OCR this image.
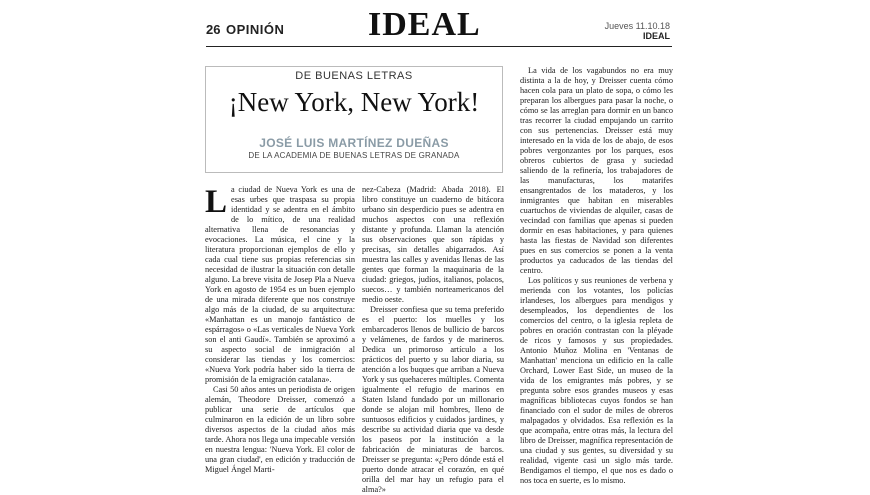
26 OPINIÓN IDEAL	Jueves 11.10.18
IDEAL
DE BUENAS LETRAS
¡New York, New York!
JOSÉ LUIS MARTÍNEZ DUEÑAS
DE LA ACADEMIA DE BUENAS LETRAS DE GRANADA

La ciudad de Nueva York es una de esas urbes que traspasa su propia identidad y se adentra en el ámbito de lo mítico, de una realidad alternativa llena de resonancias y evocaciones. La música, el cine y la literatura proporcionan ejemplos de ello y cada cual tiene sus propias referencias sin necesidad de ilustrar la situación con detalle alguno. La breve visita de Josep Pla a Nueva York en agosto de 1954 es un buen ejemplo de una mirada diferente que nos construye algo más de la ciudad, de su arquitectura: «Manhattan es un manojo fantástico de espárragos» o «Las verticales de Nueva York son el anti Gaudí». También se aproximó a su aspecto social de inmigración al considerar las tiendas y los comercios: «Nueva York podría haber sido la tierra de promisión de la emigración catalana».

Casi 50 años antes un periodista de origen alemán, Theodore Dreisser, comenzó a publicar una serie de artículos que culminaron en la edición de un libro sobre diversos aspectos de la ciudad años más tarde. Ahora nos llega una impecable versión en nuestra lengua: 'Nueva York. El color de una gran ciudad', en edición y traducción de Miguel Ángel Marti-

nez-Cabeza (Madrid: Abada 2018). El libro constituye un cuaderno de bitácora urbano sin desperdicio pues se adentra en muchos aspectos con una reflexión distante y profunda. Llaman la atención sus observaciones que son rápidas y precisas, sin detalles abigarrados. Así muestra las calles y avenidas llenas de las gentes que forman la maquinaria de la ciudad: griegos, judíos, italianos, polacos, suecos… y también norteamericanos del medio oeste.

Dreisser confiesa que su tema preferido es el puerto: los muelles y los embarcaderos llenos de bullicio de barcos y velámenes, de fardos y de marineros. Dedica un primoroso artículo a los prácticos del puerto y su labor diaria, su atención a los buques que arriban a Nueva York y sus quehaceres múltiples. Comenta igualmente el refugio de marinos en Staten Island fundado por un millonario donde se alojan mil hombres, lleno de suntuosos edificios y cuidados jardines, y describe su actividad diaria que va desde los paseos por la institución a la fabricación de miniaturas de barcos. Dreisser se pregunta: «¿Pero dónde está el puerto donde atracar el corazón, en qué orilla del mar hay un refugio para el alma?»

La vida de los vagabundos no era muy distinta a la de hoy, y Dreisser cuenta cómo hacen cola para un plato de sopa, o cómo les preparan los albergues para pasar la noche, o cómo se las arreglan para dormir en un banco tras recorrer la ciudad empujando un carrito con sus pertenencias. Dreisser está muy interesado en la vida de los de abajo, de esos pobres vergonzantes por los parques, esos obreros cubiertos de grasa y suciedad saliendo de la refinería, los trabajadores de las manufacturas, los matarifes ensangrentados de los mataderos, y los inmigrantes que habitan en miserables cuartuchos de viviendas de alquiler, casas de vecindad con familias que apenas si pueden dormir en esas habitaciones, y para quienes hasta las fiestas de Navidad son diferentes pues en sus comercios se ponen a la venta productos ya caducados de las tiendas del centro.

Los políticos y sus reuniones de verbena y merienda con los votantes, los policías irlandeses, los albergues para mendigos y desempleados, los dependientes de los comercios del centro, o la iglesia repleta de pobres en oración contrastan con la pléyade de ricos y famosos y sus propiedades. Antonio Muñoz Molina en 'Ventanas de Manhattan' menciona un edificio en la calle Orchard, Lower East Side, un museo de la vida de los emigrantes más pobres, y se pregunta sobre esos grandes museos y esas magníficas bibliotecas cuyos fondos se han financiado con el sudor de miles de obreros malpagados y olvidados. Esa reflexión es la que acompaña, entre otras más, la lectura del libro de Dreisser, magnífica representación de una ciudad y sus gentes, su diversidad y su realidad, vigente casi un siglo más tarde. Bendigamos el tiempo, el que nos es dado o nos toca en suerte, es lo mismo.
